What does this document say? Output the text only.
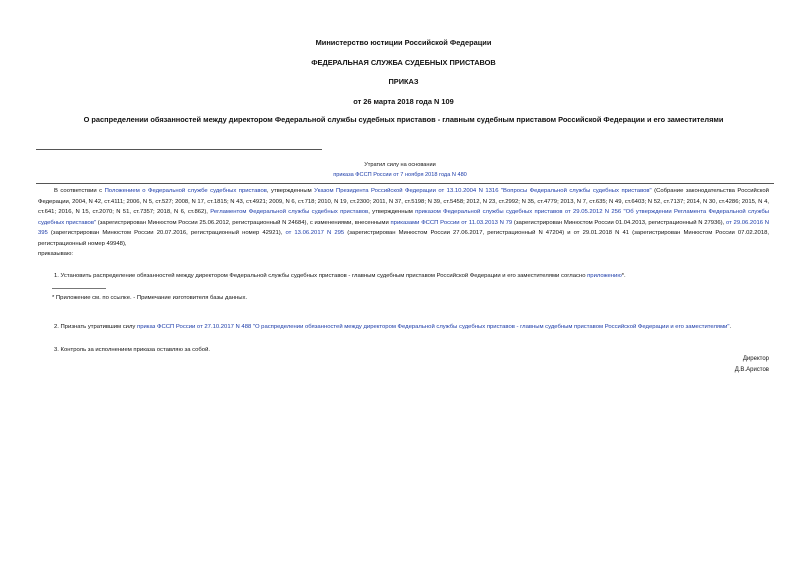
Министерство юстиции Российской Федерации
ФЕДЕРАЛЬНАЯ СЛУЖБА СУДЕБНЫХ ПРИСТАВОВ
ПРИКАЗ
от 26 марта 2018 года N 109
О распределении обязанностей между директором Федеральной службы судебных приставов - главным судебным приставом Российской Федерации и его заместителями
Утратил силу на основании
приказа ФССП России от 7 ноября 2018 года N 480
В соответствии с Положением о Федеральной службе судебных приставов, утвержденным Указом Президента Российской Федерации от 13.10.2004 N 1316 "Вопросы Федеральной службы судебных приставов" (Собрание законодательства Российской Федерации, 2004, N 42, ст.4111; 2006, N 5, ст.527; 2008, N 17, ст.1815; N 43, ст.4921; 2009, N 6, ст.718; 2010, N 19, ст.2300; 2011, N 37, ст.5198; N 39, ст.5458; 2012, N 23, ст.2992; N 35, ст.4779; 2013, N 7, ст.635; N 49, ст.6403; N 52, ст.7137; 2014, N 30, ст.4286; 2015, N 4, ст.641; 2016, N 15, ст.2070; N 51, ст.7357; 2018, N 6, ст.862), Регламентом Федеральной службы судебных приставов, утвержденным приказом Федеральной службы судебных приставов от 29.05.2012 N 256 "Об утверждении Регламента Федеральной службы судебных приставов" (зарегистрирован Минюстом России 25.06.2012, регистрационный N 24684), с изменениями, внесенными приказами ФССП России от 11.03.2013 N 79 (зарегистрирован Минюстом России 01.04.2013, регистрационный N 27936), от 29.06.2016 N 395 (зарегистрирован Минюстом России 20.07.2016, регистрационный номер 42921), от 13.06.2017 N 295 (зарегистрирован Минюстом России 27.06.2017, регистрационный N 47204) и от 29.01.2018 N 41 (зарегистрирован Минюстом России 07.02.2018, регистрационный номер 49948),
приказываю:
1. Установить распределение обязанностей между директором Федеральной службы судебных приставов - главным судебным приставом Российской Федерации и его заместителями согласно приложению*.
* Приложение см. по ссылке. - Примечание изготовителя базы данных.
2. Признать утратившим силу приказ ФССП России от 27.10.2017 N 488 "О распределении обязанностей между директором Федеральной службы судебных приставов - главным судебным приставом Российской Федерации и его заместителями".
3. Контроль за исполнением приказа оставляю за собой.
Директор
Д.В.Аристов
